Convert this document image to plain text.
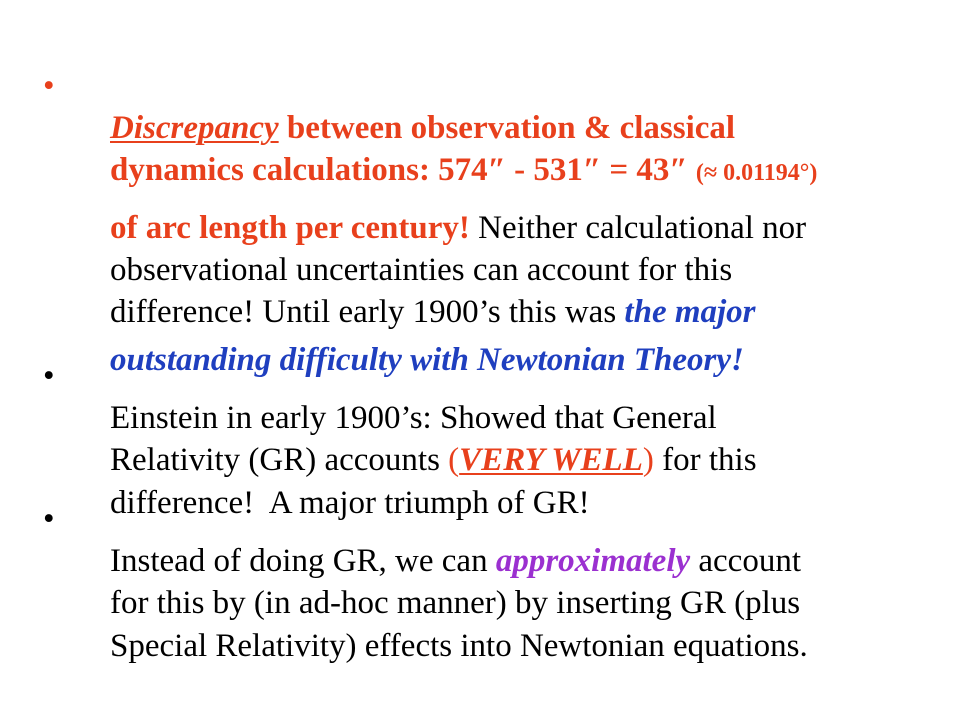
•

Discrepancy between observation & classical

dynamics calculations: 574″ - 531″ = 43″ (≈ 0.01194°)

of arc length per century! Neither calculational nor

observational uncertainties can account for this

difference! Until early 1900’s this was the major

outstanding difficulty with Newtonian Theory!

•

Einstein in early 1900’s: Showed that General

Relativity (GR) accounts (VERY WELL) for this

difference!  A major triumph of GR!

•

Instead of doing GR, we can approximately account

for this by (in ad-hoc manner) by inserting GR (plus

Special Relativity) effects into Newtonian equations.
